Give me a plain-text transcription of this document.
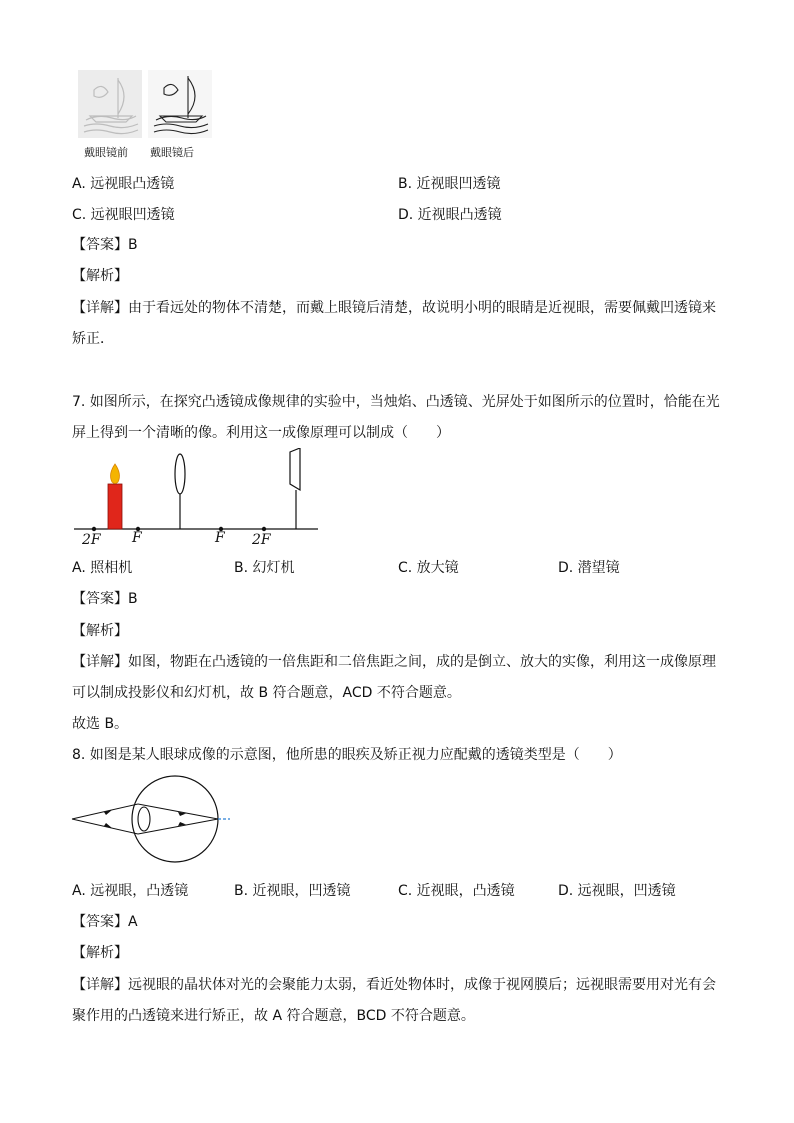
戴眼镜前 戴眼镜后
A. 远视眼凸透镜	B. 近视眼凹透镜
C. 远视眼凹透镜	D. 近视眼凸透镜
【答案】B
【解析】
【详解】由于看远处的物体不清楚，而戴上眼镜后清楚，故说明小明的眼睛是近视眼，需要佩戴凹透镜来
矫正．
7. 如图所示，在探究凸透镜成像规律的实验中，当烛焰、凸透镜、光屏处于如图所示的位置时，恰能在光
屏上得到一个清晰的像。利用这一成像原理可以制成（　　）
2F F	F 2F
A. 照相机	B. 幻灯机	C. 放大镜	D. 潜望镜
【答案】B
【解析】
【详解】如图，物距在凸透镜的一倍焦距和二倍焦距之间，成的是倒立、放大的实像，利用这一成像原理
可以制成投影仪和幻灯机，故 B 符合题意，ACD 不符合题意。
故选 B。
8. 如图是某人眼球成像的示意图，他所患的眼疾及矫正视力应配戴的透镜类型是（　　）
A. 远视眼，凸透镜	B. 近视眼，凹透镜	C. 近视眼，凸透镜	D. 远视眼，凹透镜
【答案】A
【解析】
【详解】远视眼的晶状体对光的会聚能力太弱，看近处物体时，成像于视网膜后；远视眼需要用对光有会
聚作用的凸透镜来进行矫正，故 A 符合题意，BCD 不符合题意。
